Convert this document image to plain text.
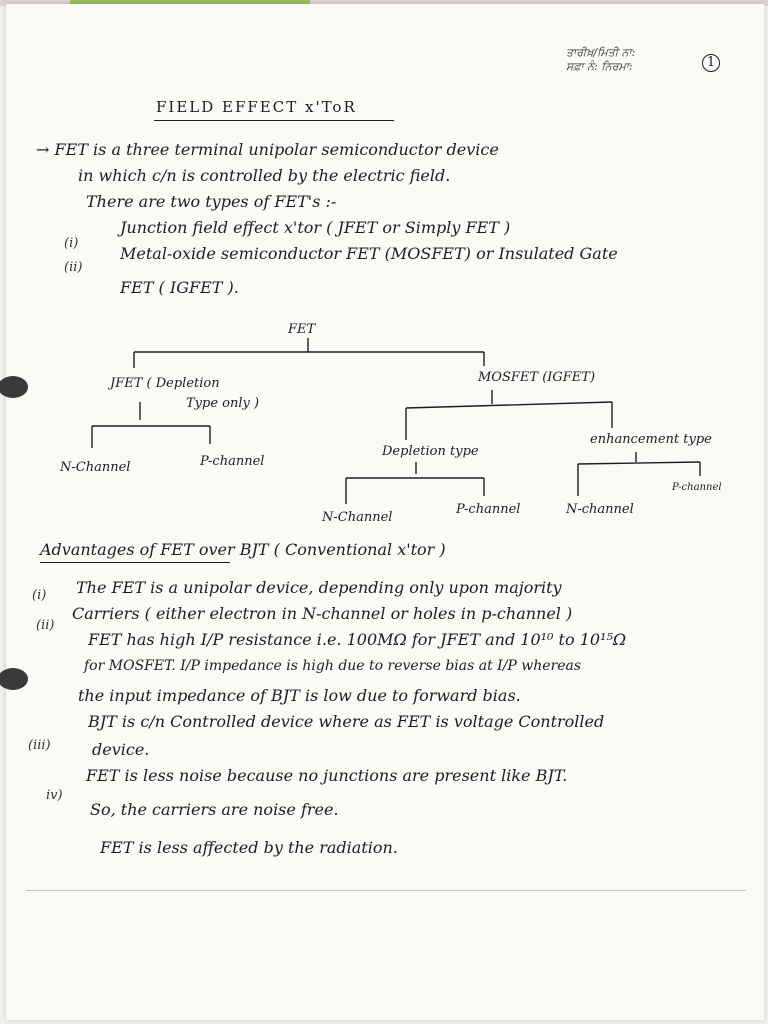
ਤਾਰੀਖ਼/ਮਿਤੀ ਨਾ:
ਸਫ਼ਾ ਨੰ: ਨਿਰਮਾ:	1
FIELD EFFECT x'ToR
→ FET is a three terminal unipolar semiconductor device
in which c/n is controlled by the electric field.
There are two types of FET's :-
(i)
Junction field effect x'tor ( JFET or Simply FET )
(ii)
Metal-oxide semiconductor FET (MOSFET) or Insulated Gate
FET ( IGFET ).
FET
JFET ( Depletion
Type only )
MOSFET (IGFET)
Depletion type
enhancement type
N-Channel	P-channel
N-Channel
P-channel	N-channel
P-channel
Advantages of FET over BJT ( Conventional x'tor )
(i) The FET is a unipolar device, depending only upon majority
Carriers ( either electron in N-channel or holes in p-channel )
(ii)
FET has high I/P resistance i.e. 100MΩ for JFET and 10¹⁰ to 10¹⁵Ω
for MOSFET. I/P impedance is high due to reverse bias at I/P whereas
the input impedance of BJT is low due to forward bias.
(iii)
BJT is c/n Controlled device where as FET is voltage Controlled
device.
iv)
FET is less noise because no junctions are present like BJT.
So, the carriers are noise free.
FET is less affected by the radiation.
